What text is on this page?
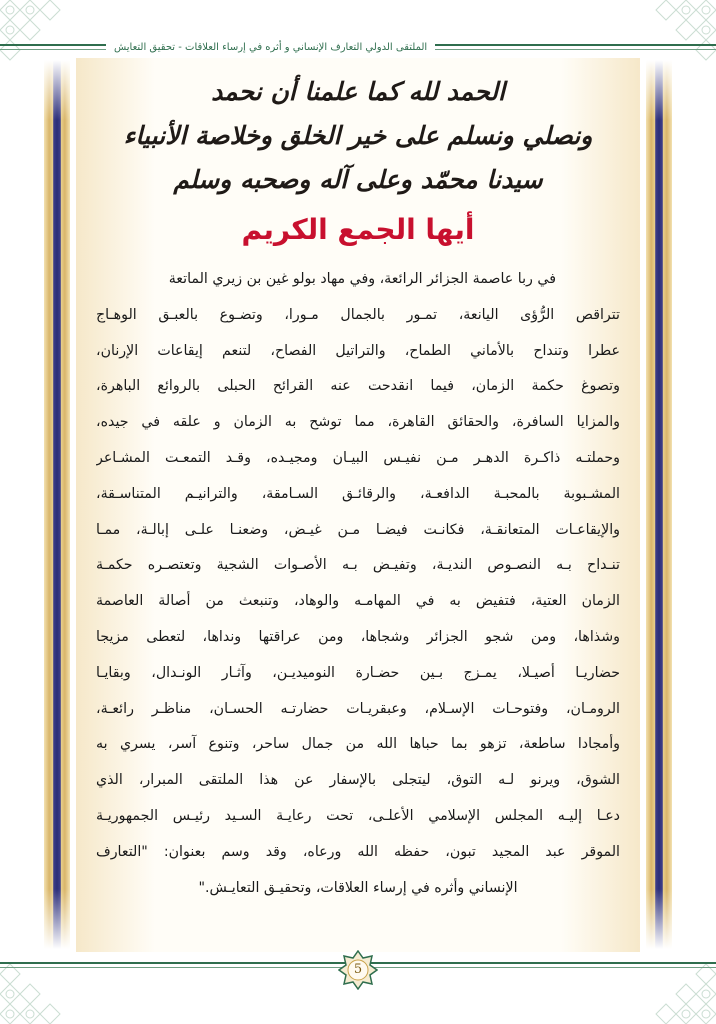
الملتقى الدولي التعارف الإنساني و أثره في إرساء العلاقات - تحقيق التعايش
الحمد لله كما علمنا أن نحمد
ونصلي ونسلم على خير الخلق وخلاصة الأنبياء
سيدنا محمّد وعلى آله وصحبه وسلم
أيها الجمع الكريم
في ربا عاصمة الجزائر الرائعة، وفي مهاد بولو غين بن زيري الماتعة
تتراقص الرُّؤى اليانعة، تمـور بالجمال مـورا، وتضـوع بالعبـق الوهـاج
عطرا وتنداح بالأماني الطماح، والتراتيل الفصاح، لتنعم إيقاعات الإرنان،
وتصوغ حكمة الزمان، فيما انقدحت عنه القرائح الحبلى بالروائع الباهرة،
والمزايا السافرة، والحقائق القاهرة، مما توشح به الزمان و علقه في جيده،
وحملتـه ذاكـرة الدهـر مـن نفيـس البيـان ومجيـده، وقـد التمعـت المشـاعر
المشـبوبة بالمحبـة الدافعـة، والرقائـق السـامقة، والترانيـم المتناسـقة،
والإيقاعـات المتعانقـة، فكانـت فيضـا مـن غيـض، وضعنـا علـى إبالـة، ممـا
تنـداح بـه النصـوص النديـة، وتفيـض بـه الأصـوات الشجية وتعتصـره حكمـة
الزمان العتية، فتفيض به في المهامـه والوهاد، وتنبعث من أصالة العاصمة
وشذاها، ومن شجو الجزائر وشجاها، ومن عراقتها ونداها، لتعطى مزيجا
حضاريـا أصيـلا، يمـزج بـين حضـارة النوميديـن، وآثـار الونـدال، وبقايـا
الرومـان، وفتوحـات الإسـلام، وعبقريـات حضارتـه الحسـان، مناظـر رائعـة،
وأمجادا ساطعة، تزهو بما حباها الله من جمال ساحر، وتنوع آسر، يسري به
الشوق، ويرنو لـه التوق، ليتجلى بالإسفار عن هذا الملتقى المبرار، الذي
دعـا إليـه المجلس الإسلامي الأعلـى، تحت رعايـة السـيد رئيـس الجمهوريـة
الموقر عبد المجيد تبون، حفظه الله ورعاه، وقد وسم بعنوان: "التعارف
الإنساني وأثره في إرساء العلاقات، وتحقيـق التعايـش."
5
